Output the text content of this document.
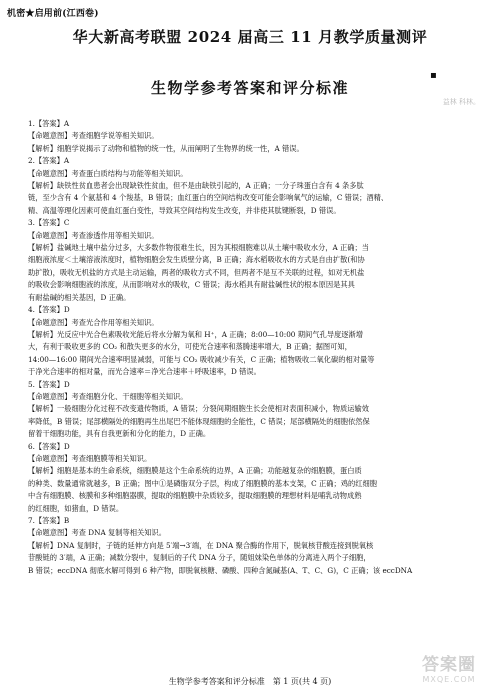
机密★启用前(江西卷)
华大新高考联盟 2024 届高三 11 月教学质量测评
▪
生物学参考答案和评分标准
益林 科林。

1.【答案】A

【命题意图】考查细胞学说等相关知识。

【解析】细胞学说揭示了动物和植物的统一性，从而阐明了生物界的统一性，A 错误。

2.【答案】A

【命题意图】考查蛋白质结构与功能等相关知识。

【解析】缺铁性贫血患者会出现缺铁性贫血，但不是由缺铁引起的，A 正确；一分子珠蛋白含有 4 条多肽

链，至少含有 4 个氨基和 4 个羧基，B 错误；血红蛋白的空间结构改变可能会影响氧气的运输，C 错误；酒精、

精、高温等理化因素可使血红蛋白变性，导致其空间结构发生改变，并非使其肽键断裂，D 错误。

3.【答案】C

【命题意图】考查渗透作用等相关知识。

【解析】盐碱地土壤中盐分过多，大多数作物很难生长，因为其根细胞难以从土壤中吸收水分，A 正确；当

细胞液浓度＜土壤溶液浓度时，植物细胞会发生质壁分离，B 正确；海水稻吸收水的方式是自由扩散(和协

助扩散)，吸收无机盐的方式是主动运输，两者的吸收方式不同，但两者不是互不关联的过程，如对无机盐

的吸收会影响细胞液的浓度，从而影响对水的吸收，C 错误；海水稻具有耐盐碱性状的根本原因是其具

有耐盐碱的相关基因，D 正确。

4.【答案】D

【命题意图】考查光合作用等相关知识。

【解析】光反应中光合色素吸收光能后将水分解为氧和 H⁺，A 正确；8:00—10:00 期间气孔导度逐渐增

大，有利于吸收更多的 CO₂ 和散失更多的水分，可使光合速率和蒸腾速率增大，B 正确；据图可知，

14:00—16:00 期间光合速率明显减弱，可能与 CO₂ 吸收减少有关，C 正确；植物吸收二氧化碳的相对量等

于净光合速率的相对量，而光合速率＝净光合速率＋呼吸速率，D 错误。

5.【答案】D

【命题意图】考查细胞分化、干细胞等相关知识。

【解析】一般细胞分化过程不改变遗传物质，A 错误；分裂间期细胞生长会使相对表面积减小，物质运输效

率降低，B 错误；尾部横隔处的细胞再生出尾巴不能体现细胞的全能性，C 错误；尾部横隔处的细胞依然保

留着干细胞功能，具有自我更新和分化的能力，D 正确。

6.【答案】D

【命题意图】考查细胞膜等相关知识。

【解析】细胞是基本的生命系统，细胞膜是这个生命系统的边界，A 正确；功能越复杂的细胞膜，蛋白质

的种类、数量通常就越多，B 正确；图中①是磷脂双分子层，构成了细胞膜的基本支架，C 正确；鸡的红细胞

中含有细胞膜、核膜和多种细胞器膜，提取的细胞膜中杂质较多，提取细胞膜的理想材料是哺乳动物成熟

的红细胞，如猪血，D 错误。

7.【答案】B

【命题意图】考查 DNA 复制等相关知识。

【解析】DNA 复制时，子链的延伸方向是 5′端→3′端，在 DNA 聚合酶的作用下，脱氧核苷酸连接到脱氧核

苷酸链的 3′端，A 正确；减数分裂中，复制后的子代 DNA 分子，随姐妹染色单体的分离进入两个子细胞，

B 错误；eccDNA 彻底水解可得到 6 种产物，即脱氧核糖、磷酸、四种含氮碱基(A、T、C、G)，C 正确；该 eccDNA

生物学参考答案和评分标准　第 1 页(共 4 页)
答案圈
MXQE.COM
